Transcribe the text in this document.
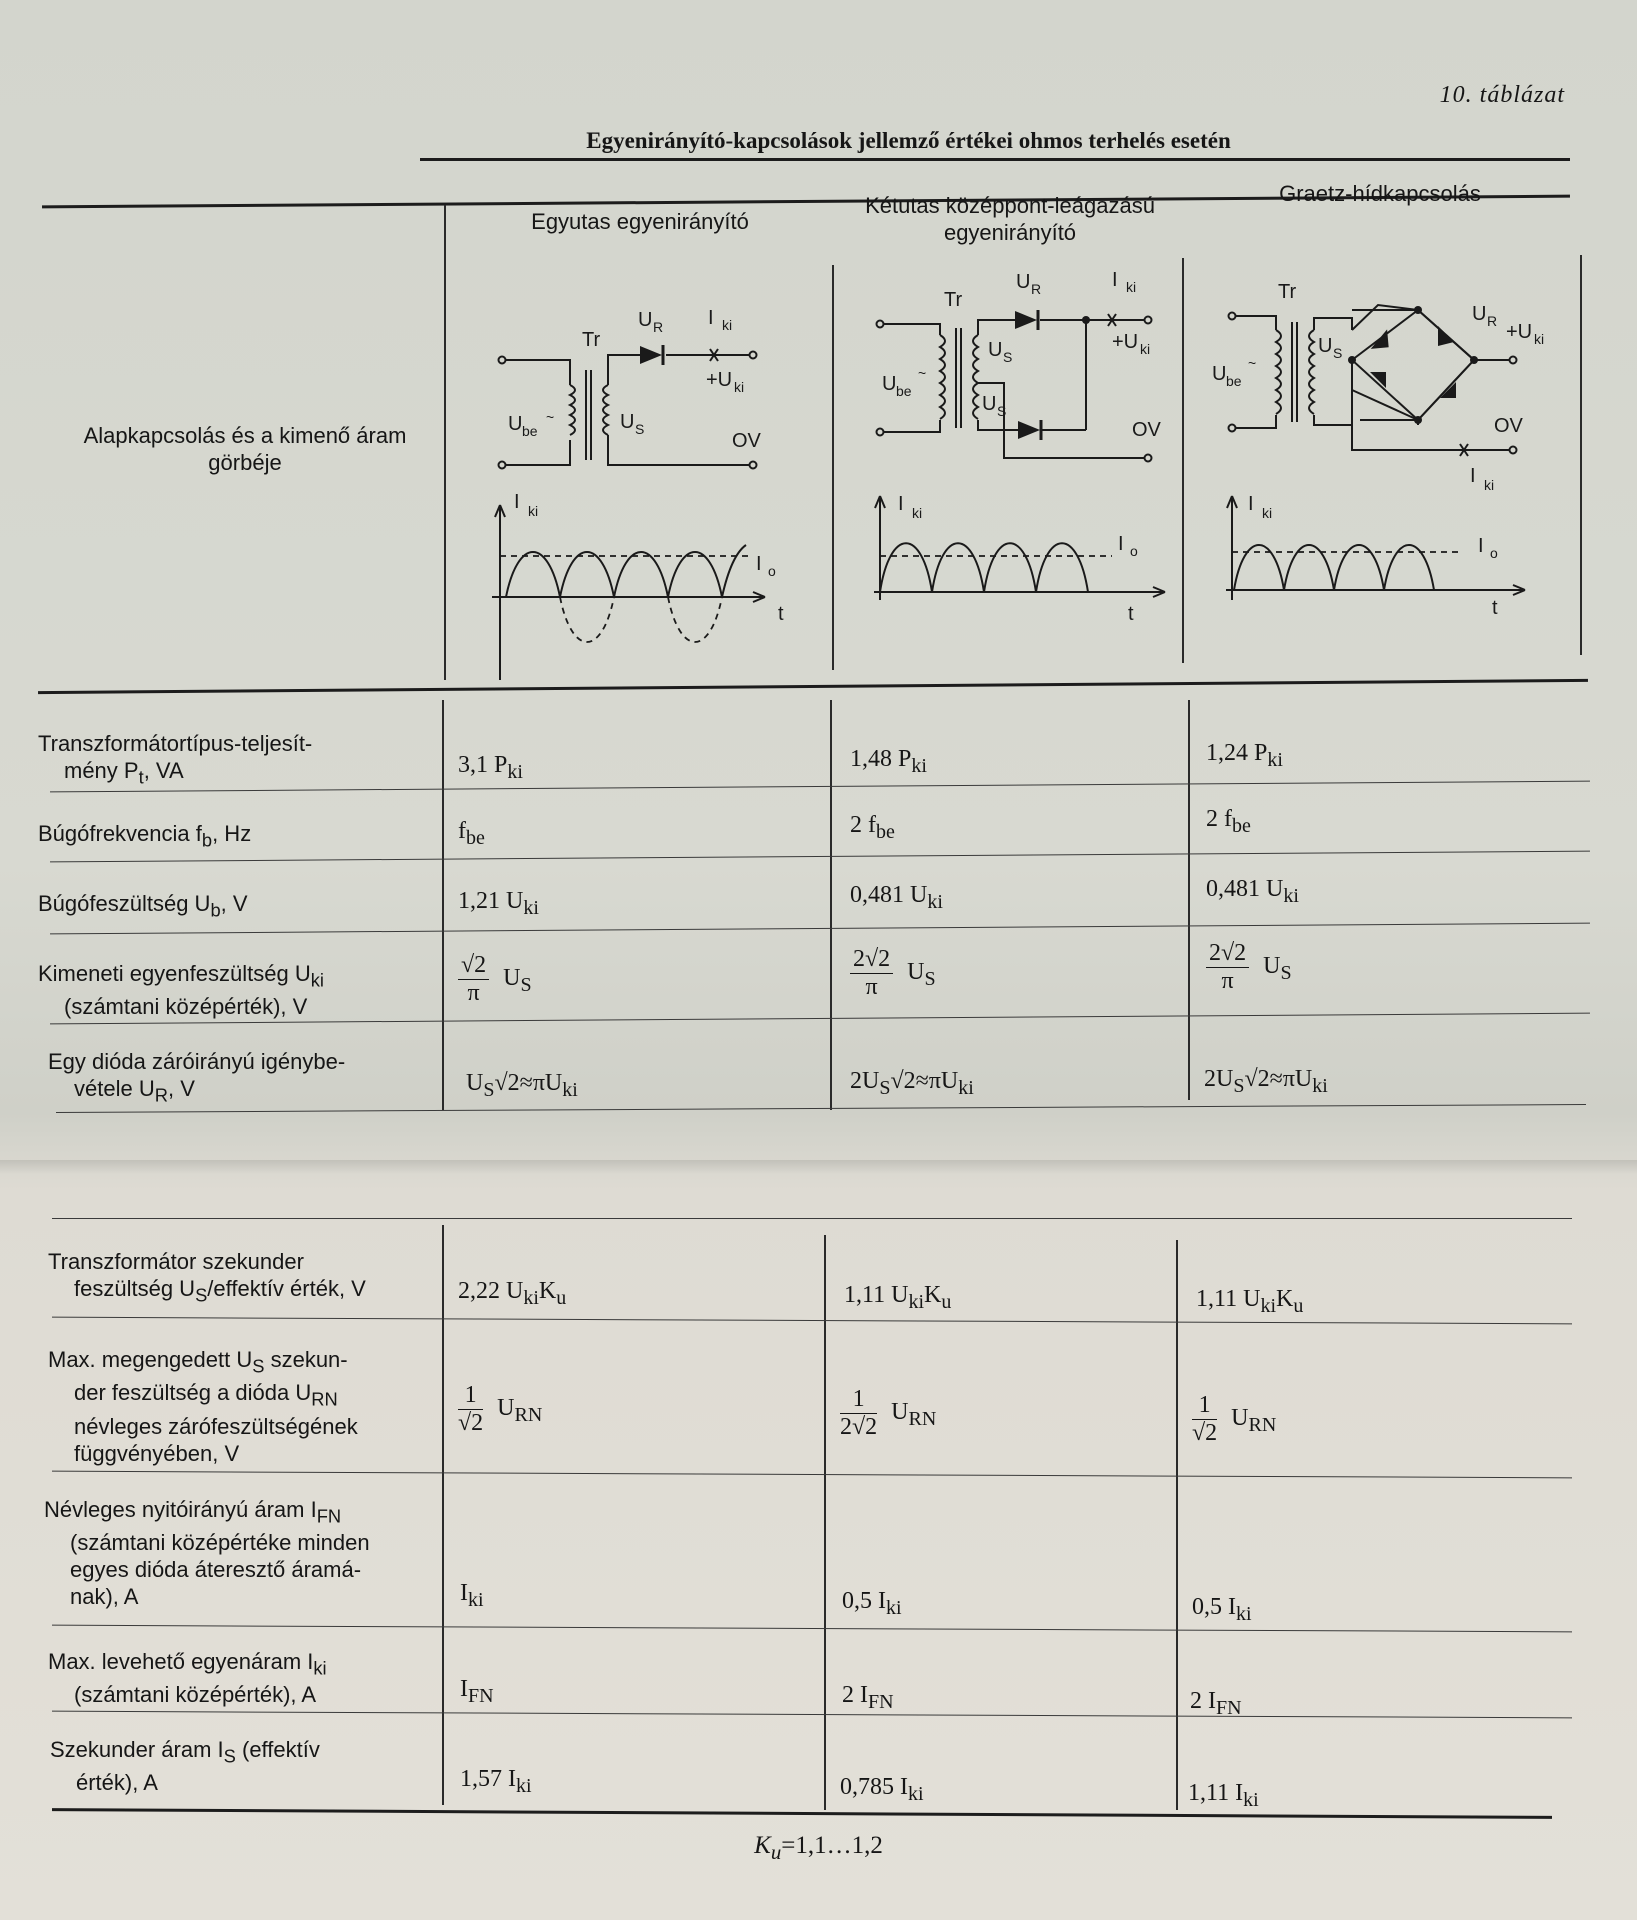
10. táblázat
Egyenirányító-kapcsolások jellemző értékei ohmos terhelés esetén
Egyutas egyenirányító
Kétutas középpont-leágazású egyenirányító
Graetz-hídkapcsolás
Alapkapcsolás és a kimenő áram görbéje
Tr
U R I ki
+U ki
U be
~	U S
OV
I ki
I o
t
Tr
U R	I ki
+U ki
U be
~
U S
U S
OV
I ki
I o
t
Tr
U R +U ki
U be
~
U S
OV
I ki
I ki
I o
t
Transzformátortípus-teljesít-
mény $P_t$, VA	3,1 $P_{ki}$	1,48 $P_{ki}$	1,24 $P_{ki}$
Búgófrekvencia $f_b$, Hz	$f_{be}$	2 $f_{be}$	2 $f_{be}$
Búgófeszültség $U_b$, V	1,21 $U_{ki}$	0,481 $U_{ki}$	0,481 $U_{ki}$
Kimeneti egyenfeszültség $U_{ki}$
(számtani középérték), V	$\frac{√2}{\pi} U_S$	$\frac{2√2}{\pi} U_S$	$\frac{2√2}{\pi} U_S$
Egy dióda záróirányú igénybe-
vétele $U_R$, V	$U_S√2\approx\pi U_{ki}$	$2U_S√2\approx\pi U_{ki}$	$2U_S√2\approx\pi U_{ki}$
Transzformátor szekunder
feszültség $U_S$/effektív érték, V	2,22 $U_{ki}K_u$	1,11 $U_{ki}K_u$	1,11 $U_{ki}K_u$
Max. megengedett $U_S$ szekun-
der feszültség a dióda $U_{RN}$
névleges zárófeszültségének
függvényében, V
$\frac{1}{√2} U_{RN}$	$\frac{1}{2√2} U_{RN}$	$\frac{1}{√2} U_{RN}$
Névleges nyitóirányú áram $I_{FN}$
(számtani középértéke minden
egyes dióda áteresztő áramá-
nak), A	$I_{ki}$	0,5 $I_{ki}$	0,5 $I_{ki}$
Max. levehető egyenáram $I_{ki}$
(számtani középérték), A	$I_{FN}$	2 $I_{FN}$	2 $I_{FN}$
Szekunder áram $I_S$ (effektív
érték), A	1,57 $I_{ki}$	0,785 $I_{ki}$	1,11 $I_{ki}$
$K_u=1,1\dots 1,2$
